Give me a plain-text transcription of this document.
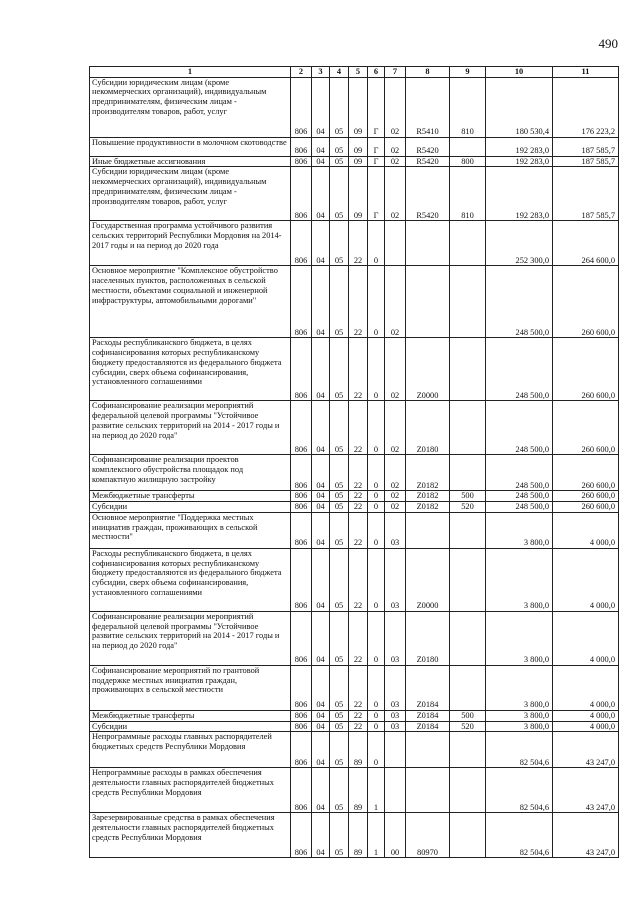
490
1	2	3	4	5	6	7	8	9	10	11
Субсидии юридическим лицам (кроме некоммерческих организаций), индивидуальным предпринимателям, физическим лицам - производителям товаров, работ, услуг	806	04	05	09	Г	02	R5410	810	180 530,4	176 223,2
Повышение продуктивности в молочном скотоводстве	806	04	05	09	Г	02	R5420		192 283,0	187 585,7
Иные бюджетные ассигнования	806	04	05	09	Г	02	R5420	800	192 283,0	187 585,7
Субсидии юридическим лицам (кроме некоммерческих организаций), индивидуальным предпринимателям, физическим лицам - производителям товаров, работ, услуг	806	04	05	09	Г	02	R5420	810	192 283,0	187 585,7
Государственная программа устойчивого развития сельских территорий Республики Мордовия на 2014-2017 годы и на период до 2020 года	806	04	05	22	0				252 300,0	264 600,0
Основное мероприятие "Комплексное обустройство населенных пунктов, расположенных в сельской местности, объектами социальной и инженерной инфраструктуры, автомобильными дорогами"	806	04	05	22	0	02			248 500,0	260 600,0
Расходы республиканского бюджета, в целях софинансирования которых республиканскому бюджету предоставляются из федерального бюджета субсидии, сверх объема софинансирования, установленного соглашениями	806	04	05	22	0	02	Z0000		248 500,0	260 600,0
Софинансирование реализации мероприятий федеральной целевой программы "Устойчивое развитие сельских территорий на 2014 - 2017 годы и на период до 2020 года"	806	04	05	22	0	02	Z0180		248 500,0	260 600,0
Софинансирование реализации проектов комплексного обустройства площадок под компактную жилищную застройку	806	04	05	22	0	02	Z0182		248 500,0	260 600,0
Межбюджетные трансферты	806	04	05	22	0	02	Z0182	500	248 500,0	260 600,0
Субсидии	806	04	05	22	0	02	Z0182	520	248 500,0	260 600,0
Основное мероприятие "Поддержка местных инициатив граждан, проживающих в сельской местности"	806	04	05	22	0	03			3 800,0	4 000,0
Расходы республиканского бюджета, в целях софинансирования которых республиканскому бюджету предоставляются из федерального бюджета субсидии, сверх объема софинансирования, установленного соглашениями	806	04	05	22	0	03	Z0000		3 800,0	4 000,0
Софинансирование реализации мероприятий федеральной целевой программы "Устойчивое развитие сельских территорий на 2014 - 2017 годы и на период до 2020 года"	806	04	05	22	0	03	Z0180		3 800,0	4 000,0
Софинансирование мероприятий по грантовой поддержке местных инициатив граждан, проживающих в сельской местности	806	04	05	22	0	03	Z0184		3 800,0	4 000,0
Межбюджетные трансферты	806	04	05	22	0	03	Z0184	500	3 800,0	4 000,0
Субсидии	806	04	05	22	0	03	Z0184	520	3 800,0	4 000,0
Непрограммные расходы главных распорядителей бюджетных средств Республики Мордовия	806	04	05	89	0				82 504,6	43 247,0
Непрограммные расходы в рамках обеспечения деятельности главных распорядителей бюджетных средств Республики Мордовия	806	04	05	89	1				82 504,6	43 247,0
Зарезервированные средства в рамках обеспечения деятельности главных распорядителей бюджетных средств Республики Мордовия	806	04	05	89	1	00	80970		82 504,6	43 247,0
